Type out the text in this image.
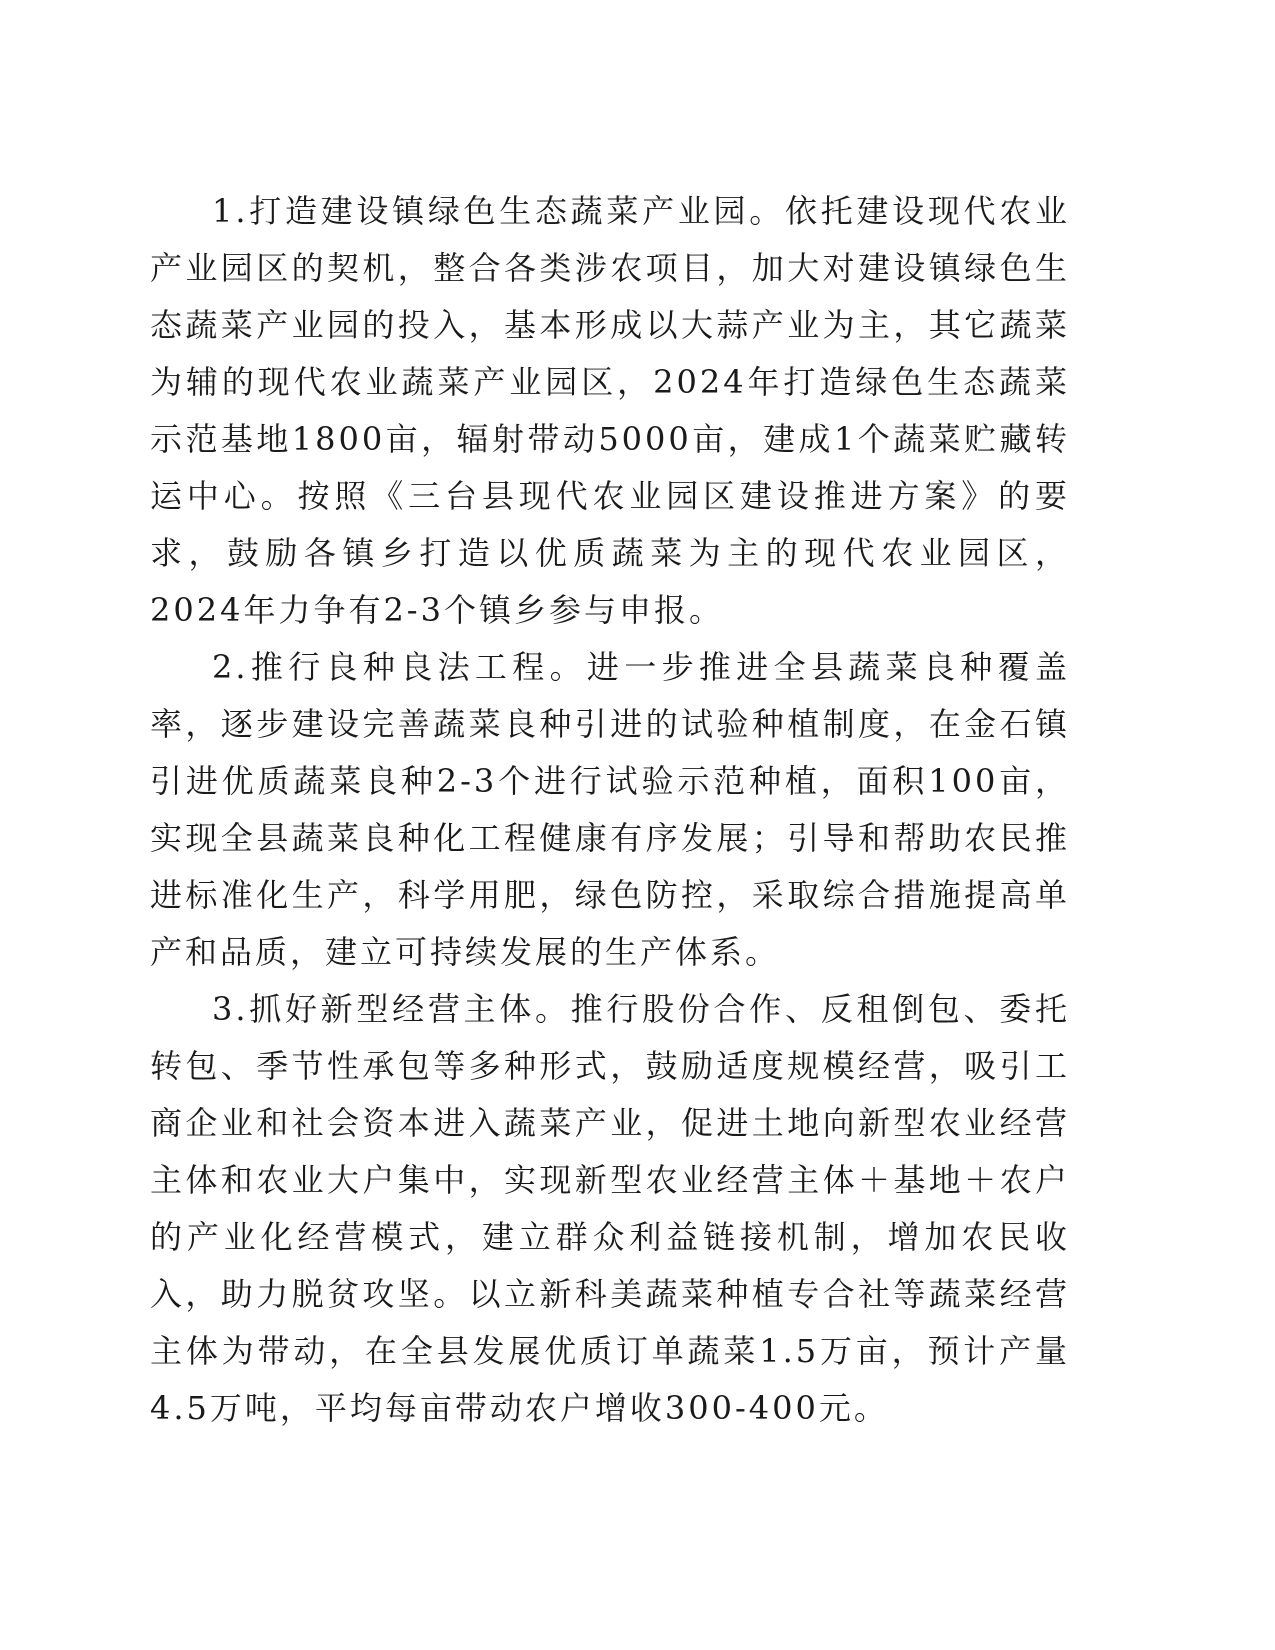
1.打造建设镇绿色生态蔬菜产业园。依托建设现代农业产业园区的契机，整合各类涉农项目，加大对建设镇绿色生态蔬菜产业园的投入，基本形成以大蒜产业为主，其它蔬菜为辅的现代农业蔬菜产业园区，2024年打造绿色生态蔬菜示范基地1800亩，辐射带动5000亩，建成1个蔬菜贮藏转运中心。按照《三台县现代农业园区建设推进方案》的要求，鼓励各镇乡打造以优质蔬菜为主的现代农业园区，2024年力争有2-3个镇乡参与申报。

2.推行良种良法工程。进一步推进全县蔬菜良种覆盖率，逐步建设完善蔬菜良种引进的试验种植制度，在金石镇引进优质蔬菜良种2-3个进行试验示范种植，面积100亩，实现全县蔬菜良种化工程健康有序发展；引导和帮助农民推进标准化生产，科学用肥，绿色防控，采取综合措施提高单产和品质，建立可持续发展的生产体系。

3.抓好新型经营主体。推行股份合作、反租倒包、委托转包、季节性承包等多种形式，鼓励适度规模经营，吸引工商企业和社会资本进入蔬菜产业，促进土地向新型农业经营主体和农业大户集中，实现新型农业经营主体＋基地＋农户的产业化经营模式，建立群众利益链接机制，增加农民收入，助力脱贫攻坚。以立新科美蔬菜种植专合社等蔬菜经营主体为带动，在全县发展优质订单蔬菜1.5万亩，预计产量4.5万吨，平均每亩带动农户增收300-400元。
